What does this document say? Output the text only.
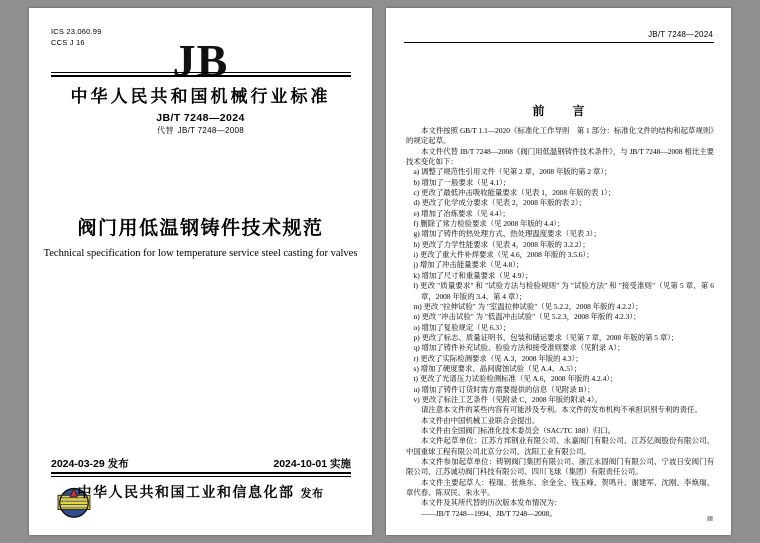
ICS 23.060.99
CCS J 16	JB
中华人民共和国机械行业标准
JB/T 7248—2024
代替 JB/T 7248—2008
阀门用低温钢铸件技术规范
Technical specification for low temperature service steel casting for valves
2024-03-29 发布	2024-10-01 实施
中华人民共和国工业和信息化部 发布
JB/T 7248—2024
前　言

本文件按照 GB/T 1.1—2020《标准化工作导则　第 1 部分：标准化文件的结构和起草规则》的规定起草。

本文件代替 JB/T 7248—2008《阀门用低温钢铸件技术条件》，与 JB/T 7248—2008 相比主要技术变化如下：

a) 调整了规范性引用文件（见第 2 章，2008 年版的第 2 章）；

b) 增加了一般要求（见 4.1）；

c) 更改了最低冲击吸收能量要求（见表 1，2008 年版的表 1）；

d) 更改了化学成分要求（见表 2，2008 年版的表 2）；

e) 增加了冶炼要求（见 4.4）；

f) 删除了常力检验要求（见 2008 年版的 4.4）；

g) 增加了铸件的热处理方式、热处理温度要求（见表 3）；

h) 更改了力学性能要求（见表 4，2008 年版的 3.2.2）；

i) 更改了重大件补焊要求（见 4.6，2008 年版的 3.5.6）；

j) 增加了冲击能量要求（见 4.8）；

k) 增加了尺寸和重量要求（见 4.9）；

l) 更改 "质量要求" 和 "试验方法与检验规则" 为 "试验方法" 和 "接受准则"（见第 5 章、第 6 章，2008 年版的 3.4、第 4 章）；

m) 更改 "拉伸试验" 为 "室温拉伸试验"（见 5.2.2，2008 年版的 4.2.2）；

n) 更改 "冲击试验" 为 "低温冲击试验"（见 5.2.3，2008 年版的 4.2.3）；

o) 增加了复验规定（见 6.3）；

p) 更改了标志、质量证明书、包装和储运要求（见第 7 章，2008 年版的第 5 章）；

q) 增加了铸件补充试验、验验方法和接受准则要求（见附录 A）；

r) 更改了实际检测要求（见 A.3，2008 年版的 4.3）；

s) 增加了硬度要求、晶间腐蚀试验（见 A.4、A.5）；

t) 更改了光谱压力试验检测标准（见 A.6，2008 年版的 4.2.4）；

u) 增加了铸件订货时需方需要提供的信息（见附录 B）；

v) 更改了标注工艺条件（见附录 C，2008 年版的附录 4）。

请注意本文件的某些内容有可能涉及专利。本文件的发布机构不承担识别专利的责任。

本文件由中国机械工业联合会提出。

本文件由全国阀门标准化技术委员会（SAC/TC 188）归口。

本文件起草单位：江苏方邦钢业有限公司、永嘉阀门有限公司、江苏亿阀股份有限公司、中国重球工程有限公司北京分公司、沈阳工业有限公司。

本文件参加起草单位：铸钢阀门集团有限公司、浙江永固阀门有限公司、宁波日安阀门有限公司、江苏诚功阀门科技有限公司、四川飞球（集团）有限责任公司。

本文件主要起草人：程瑞、张焕东、余金全、钱玉峰、贺鸣升、谢建军、沈刚、李焕瑞、章代春、陈双民、朱永平。

本文件及其所代替的历次版本发布情况为：

——JB/T 7248—1994、JB/T 7248—2008。

III
